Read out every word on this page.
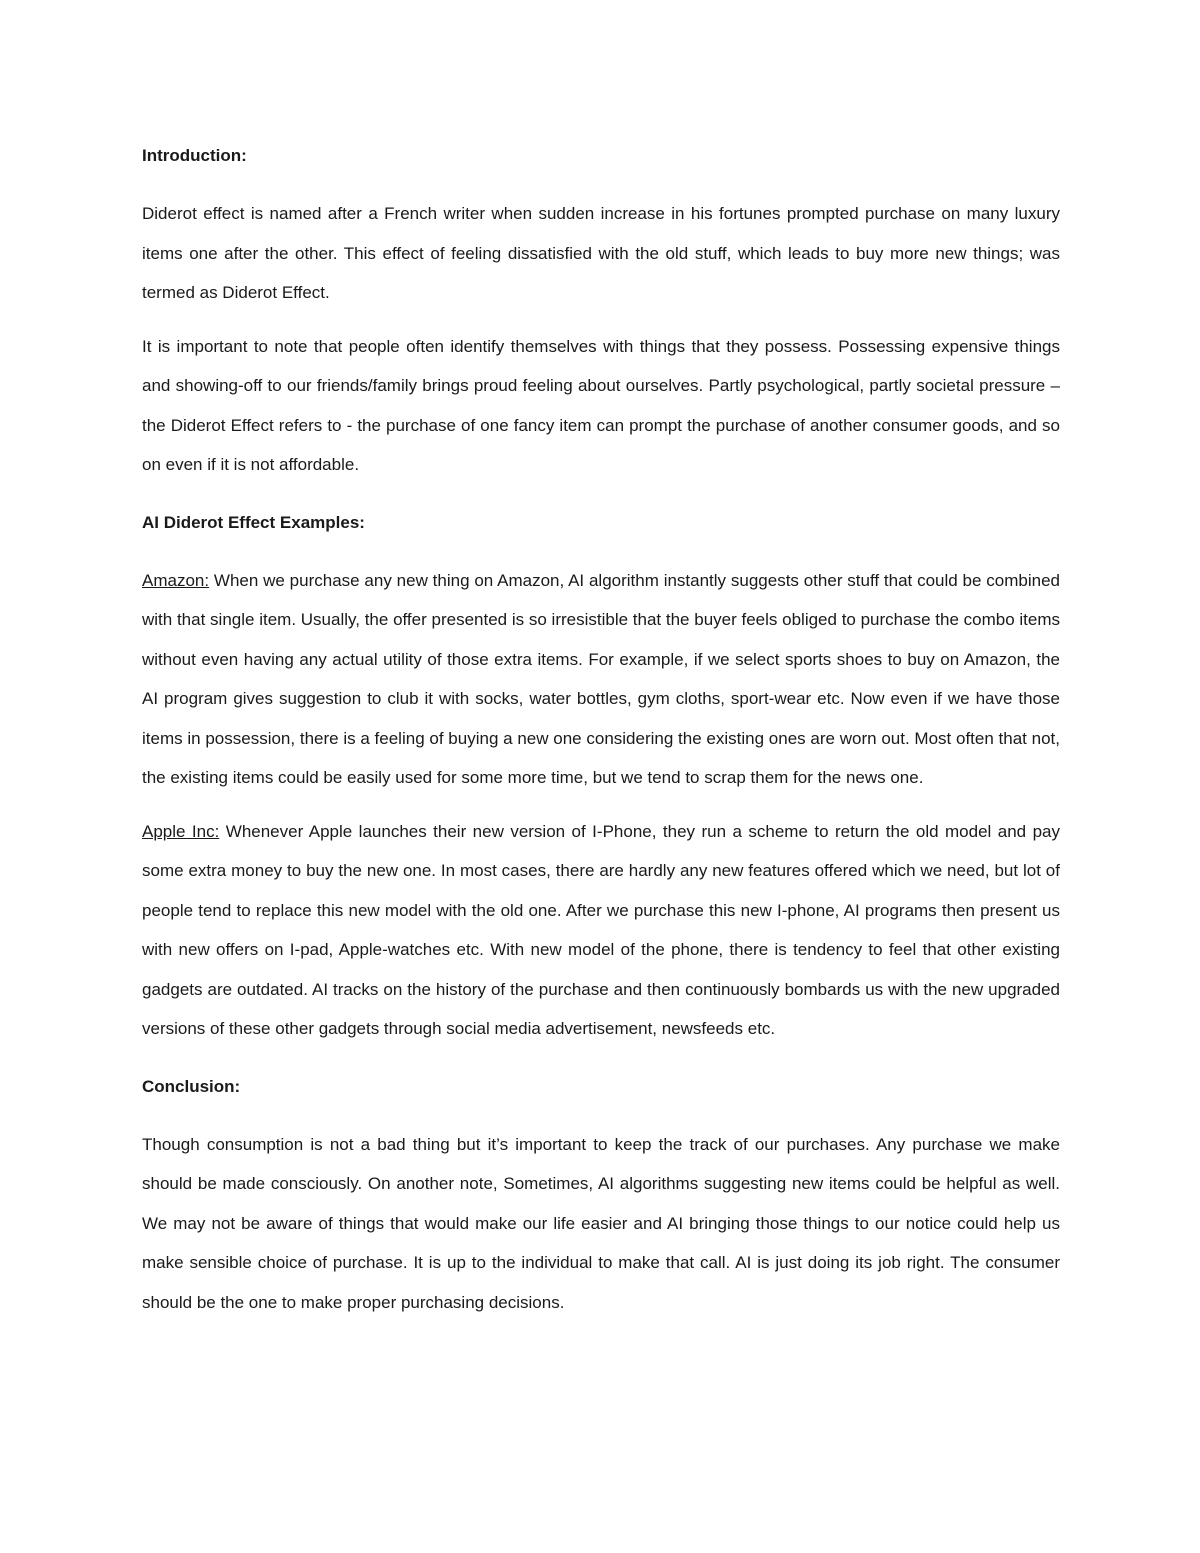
Introduction:

Diderot effect is named after a French writer when sudden increase in his fortunes prompted purchase on many luxury items one after the other. This effect of feeling dissatisfied with the old stuff, which leads to buy more new things; was termed as Diderot Effect.

It is important to note that people often identify themselves with things that they possess. Possessing expensive things and showing-off to our friends/family brings proud feeling about ourselves. Partly psychological, partly societal pressure – the Diderot Effect refers to - the purchase of one fancy item can prompt the purchase of another consumer goods, and so on even if it is not affordable.

AI Diderot Effect Examples:

Amazon: When we purchase any new thing on Amazon, AI algorithm instantly suggests other stuff that could be combined with that single item. Usually, the offer presented is so irresistible that the buyer feels obliged to purchase the combo items without even having any actual utility of those extra items. For example, if we select sports shoes to buy on Amazon, the AI program gives suggestion to club it with socks, water bottles, gym cloths, sport-wear etc. Now even if we have those items in possession, there is a feeling of buying a new one considering the existing ones are worn out. Most often that not, the existing items could be easily used for some more time, but we tend to scrap them for the news one.

Apple Inc: Whenever Apple launches their new version of I-Phone, they run a scheme to return the old model and pay some extra money to buy the new one. In most cases, there are hardly any new features offered which we need, but lot of people tend to replace this new model with the old one. After we purchase this new I-phone, AI programs then present us with new offers on I-pad, Apple-watches etc. With new model of the phone, there is tendency to feel that other existing gadgets are outdated. AI tracks on the history of the purchase and then continuously bombards us with the new upgraded versions of these other gadgets through social media advertisement, newsfeeds etc.

Conclusion:

Though consumption is not a bad thing but it’s important to keep the track of our purchases. Any purchase we make should be made consciously. On another note, Sometimes, AI algorithms suggesting new items could be helpful as well. We may not be aware of things that would make our life easier and AI bringing those things to our notice could help us make sensible choice of purchase. It is up to the individual to make that call. AI is just doing its job right. The consumer should be the one to make proper purchasing decisions.
